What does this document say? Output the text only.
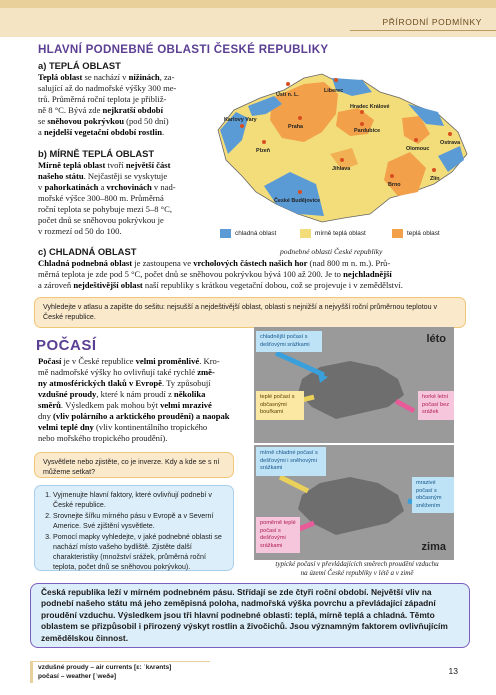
PŘÍRODNÍ PODMÍNKY
HLAVNÍ PODNEBNÉ OBLASTI ČESKÉ REPUBLIKY
a) TEPLÁ OBLAST
Teplá oblast se nachází v nížinách, za-
salující až do nadmořské výšky 300 me-
trů. Průměrná roční teplota je přibliž-
ně 8 °C. Bývá zde nejkratší období
se sněhovou pokrývkou (pod 50 dní)
a nejdelší vegetační období rostlin.
b) MÍRNĚ TEPLÁ OBLAST
Mírně teplá oblast tvoří největší část
našeho státu. Nejčastěji se vyskytuje
v pahorkatinách a vrchovinách v nad-
mořské výšce 300–800 m. Průměrná
roční teplota se pohybuje mezi 5–8 °C,
počet dnů se sněhovou pokrývkou je
v rozmezí od 50 do 100.
c) CHLADNÁ OBLAST
Chladná podnebná oblast je zastoupena ve vrcholových částech našich hor (nad 800 m n. m.). Prů-
měrná teplota je zde pod 5 °C, počet dnů se sněhovou pokrývkou bývá 100 až 200. Je to nejchladnější
a zároveň nejdeštivější oblast naší republiky s krátkou vegetační dobou, což se projevuje i v zemědělství.
Ústí n. L.
Liberec
Karlovy Vary
Hradec Králové
Praha
Pardubice
Plzeň	Olomouc
Ostrava
Jihlava
České Budějovice
Brno
Zlín
chladná oblast	mírně teplá oblast	teplá oblast
podnebné oblasti České republiky
Vyhledejte v atlasu a zapište do sešitu: nejsušší a nejdeštivější oblast, oblasti s nejnižší a nejvyšší roční průměrnou teplotou v České republice.
POČASÍ
Počasí je v České republice velmi proměnlivé. Kro-
mě nadmořské výšky ho ovlivňují také rychlé změ-
ny atmosférických tlaků v Evropě. Ty způsobují
vzdušné proudy, které k nám proudí z několika
směrů. Výsledkem pak mohou být velmi mrazivé
dny (vliv polárního a arktického proudění) a naopak
velmi teplé dny (vliv kontinentálního tropického
nebo mořského tropického proudění).
Vysvětlete nebo zjistěte, co je inverze. Kdy a kde se s ní můžeme setkat?
1. Vyjmenujte hlavní faktory, které ovlivňují podnebí v České republice.
2. Srovnejte šířku mírného pásu v Evropě a v Severní Americe. Své zjištění vysvětlete.
3. Pomocí mapky vyhledejte, v jaké podnebné oblasti se nachází místo vašeho bydliště. Zjistěte další charakteristiky (množství srážek, průměrná roční teplota, počet dnů se sněhovou pokrývkou).
léto
zima
chladnější počasí s dešťovými srážkami
teplé počasí s občasnými bouřkami
horké letní počasí bez srážek
mírně chladné počasí s dešťovými i sněhovými srážkami
mrazivé počasí s občasným sněžením
poměrně teplé počasí s dešťovými srážkami
typické počasí v převládajících směrech proudění vzduchu
na území České republiky v létě a v zimě
Česká republika leží v mírném podnebném pásu. Střídají se zde čtyři roční období. Největší vliv na podnebí našeho státu má jeho zeměpisná poloha, nadmořská výška povrchu a převládající západní proudění vzduchu. Výsledkem jsou tři hlavní podnebné oblasti: teplá, mírně teplá a chladná. Těmto oblastem se přizpůsobil i přirozený výskyt rostlin a živočichů. Jsou významným faktorem ovlivňujícím zemědělskou činnost.
vzdušné proudy – air currents [ɛ: ˈkʌrənts]
počasí – weather [ˈweðə]	13
